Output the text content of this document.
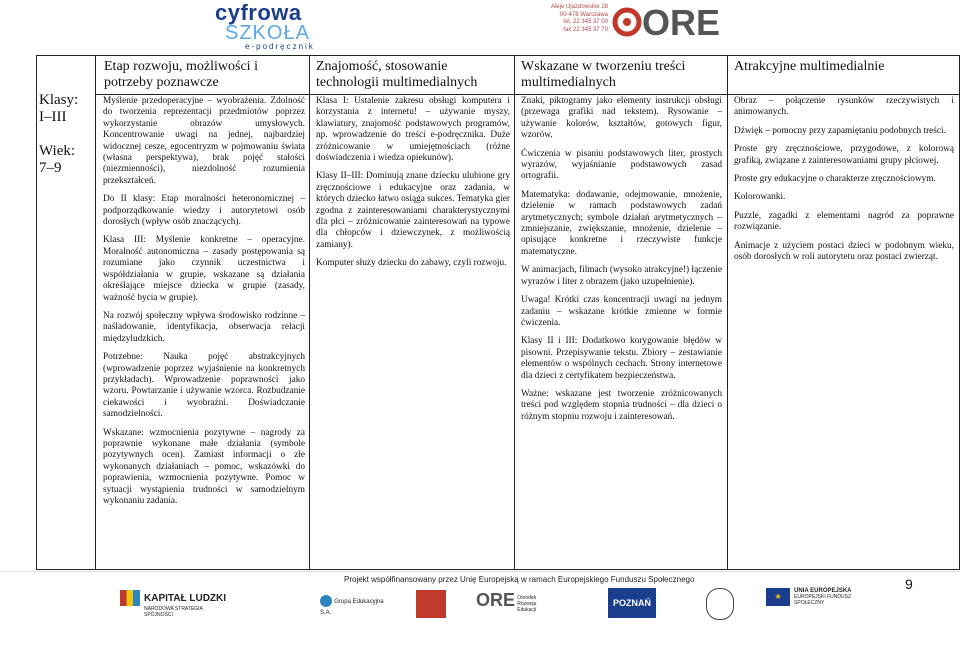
cyfrowa
SZKOŁA
e-podręcznik
Aleje Ujazdowskie 28
00-478 Warszawa
tel. 22 345 37 00
fax 22 345 37 70 ORE

Klasy:
I–III

Wiek:
7–9

Etap rozwoju, możliwości i potrzeby poznawcze
Znajomość, stosowanie technologii multimedialnych
Wskazane w tworzeniu treści multimedialnych
Atrakcyjne multimedialnie

Myślenie przedoperacyjne – wyobrażenia. Zdolność do tworzenia reprezentacji przedmiotów poprzez wykorzystanie obrazów umysłowych. Koncentrowanie uwagi na jednej, najbardziej widocznej cesze, egocentryzm w pojmowaniu świata (własna perspektywa), brak pojęć stałości (niezmienności), niezdolność rozumienia przekształceń.

Do II klasy: Etap moralności heteronomicznej – podporządkowanie wiedzy i autorytetowi osób dorosłych (wpływ osób znaczących).

Klasa III: Myślenie konkretne – operacyjne. Moralność autonomiczna – zasady postępowania są rozumiane jako czynnik uczestnictwa i współdziałania w grupie, wskazane są działania określające miejsce dziecka w grupie (zasady, ważność bycia w grupie).

Na rozwój społeczny wpływa środowisko rodzinne – naśladowanie, identyfikacja, obserwacja relacji międzyludzkich.

Potrzebne: Nauka pojęć abstrakcyjnych (wprowadzenie poprzez wyjaśnienie na konkretnych przykładach). Wprowadzenie poprawności jako wzoru. Powtarzanie i używanie wzorca. Rozbudzanie ciekawości i wyobraźni. Doświadczanie samodzielności.

Wskazane: wzmocnienia pozytywne – nagrody za poprawnie wykonane małe działania (symbole pozytywnych ocen). Zamiast informacji o złe wykonanych działaniach – pomoc, wskazówki do poprawienia, wzmocnienia pozytywne. Pomoc w sytuacji wystąpienia trudności w samodzielnym wykonaniu zadania.

Klasa I: Ustalenie zakresu obsługi komputera i korzystania z internetu! – używanie myszy, klawiatury, znajomość podstawowych programów, np. wprowadzenie do treści e-podręcznika. Duże zróżnicowanie w umiejętnościach (różne doświadczenia i wiedza opiekunów).

Klasy II–III: Dominują znane dziecku ulubione gry zręcznościowe i edukacyjne oraz zadania, w których dziecko łatwo osiąga sukces. Tematyka gier zgodna z zainteresowaniami charakterystycznymi dla płci – zróżnicowanie zainteresowań na typowe dla chłopców i dziewczynek, z możliwością zamiany).

Komputer służy dziecku do zabawy, czyli rozwoju.

Znaki, piktogramy jako elementy instrukcji obsługi (przewaga grafiki nad tekstem). Rysowanie – używanie kolorów, kształtów, gotowych figur, wzorów.

Ćwiczenia w pisaniu podstawowych liter, prostych wyrazów, wyjaśnianie podstawowych zasad ortografii.

Matematyka: dodawanie, odejmowanie, mnożenie, dzielenie w ramach podstawowych zadań arytmetycznych; symbole działań arytmetycznych – zmniejszanie, zwiększanie, mnożenie, dzielenie – opisujące konkretne i rzeczywiste funkcje matematyczne.

W animacjach, filmach (wysoko atrakcyjne!) łączenie wyrazów i liter z obrazem (jako uzupełnienie).

Uwaga! Krótki czas koncentracji uwagi na jednym zadaniu – wskazane krótkie zmienne w formie ćwiczenia.

Klasy II i III: Dodatkowo korygowanie błędów w pisowni. Przepisywanie tekstu. Zbiory – zestawianie elementów o wspólnych cechach. Strony internetowe dla dzieci z certyfikatem bezpieczeństwa.

Ważne: wskazane jest tworzenie zróżnicowanych treści pod względem stopnia trudności – dla dzieci o różnym stopniu rozwoju i zainteresowań.

Obraz – połączenie rysunków rzeczywistych i animowanych.

Dźwięk – pomocny przy zapamiętaniu podobnych treści.

Proste gry zręcznościowe, przygodowe, z kolorową grafiką, związane z zainteresowaniami grupy płciowej.

Proste gry edukacyjne o charakterze zręcznościowym.

Kolorowanki.

Puzzle, zagadki z elementami nagród za poprawne rozwiązanie.

Animacje z użyciem postaci dzieci w podobnym wieku, osób dorosłych w roli autorytetu oraz postaci zwierząt.

Projekt współfinansowany przez Unię Europejską w ramach Europejskiego Funduszu Społecznego	9
KAPITAŁ LUDZKI
NARODOWA STRATEGIA SPÓJNOŚCI
Grupa Edukacyjna S.A.
ORE Ośrodek Rozwoju Edukacji
POZNAŃ
★
UNIA EUROPEJSKA
EUROPEJSKI FUNDUSZ SPOŁECZNY
